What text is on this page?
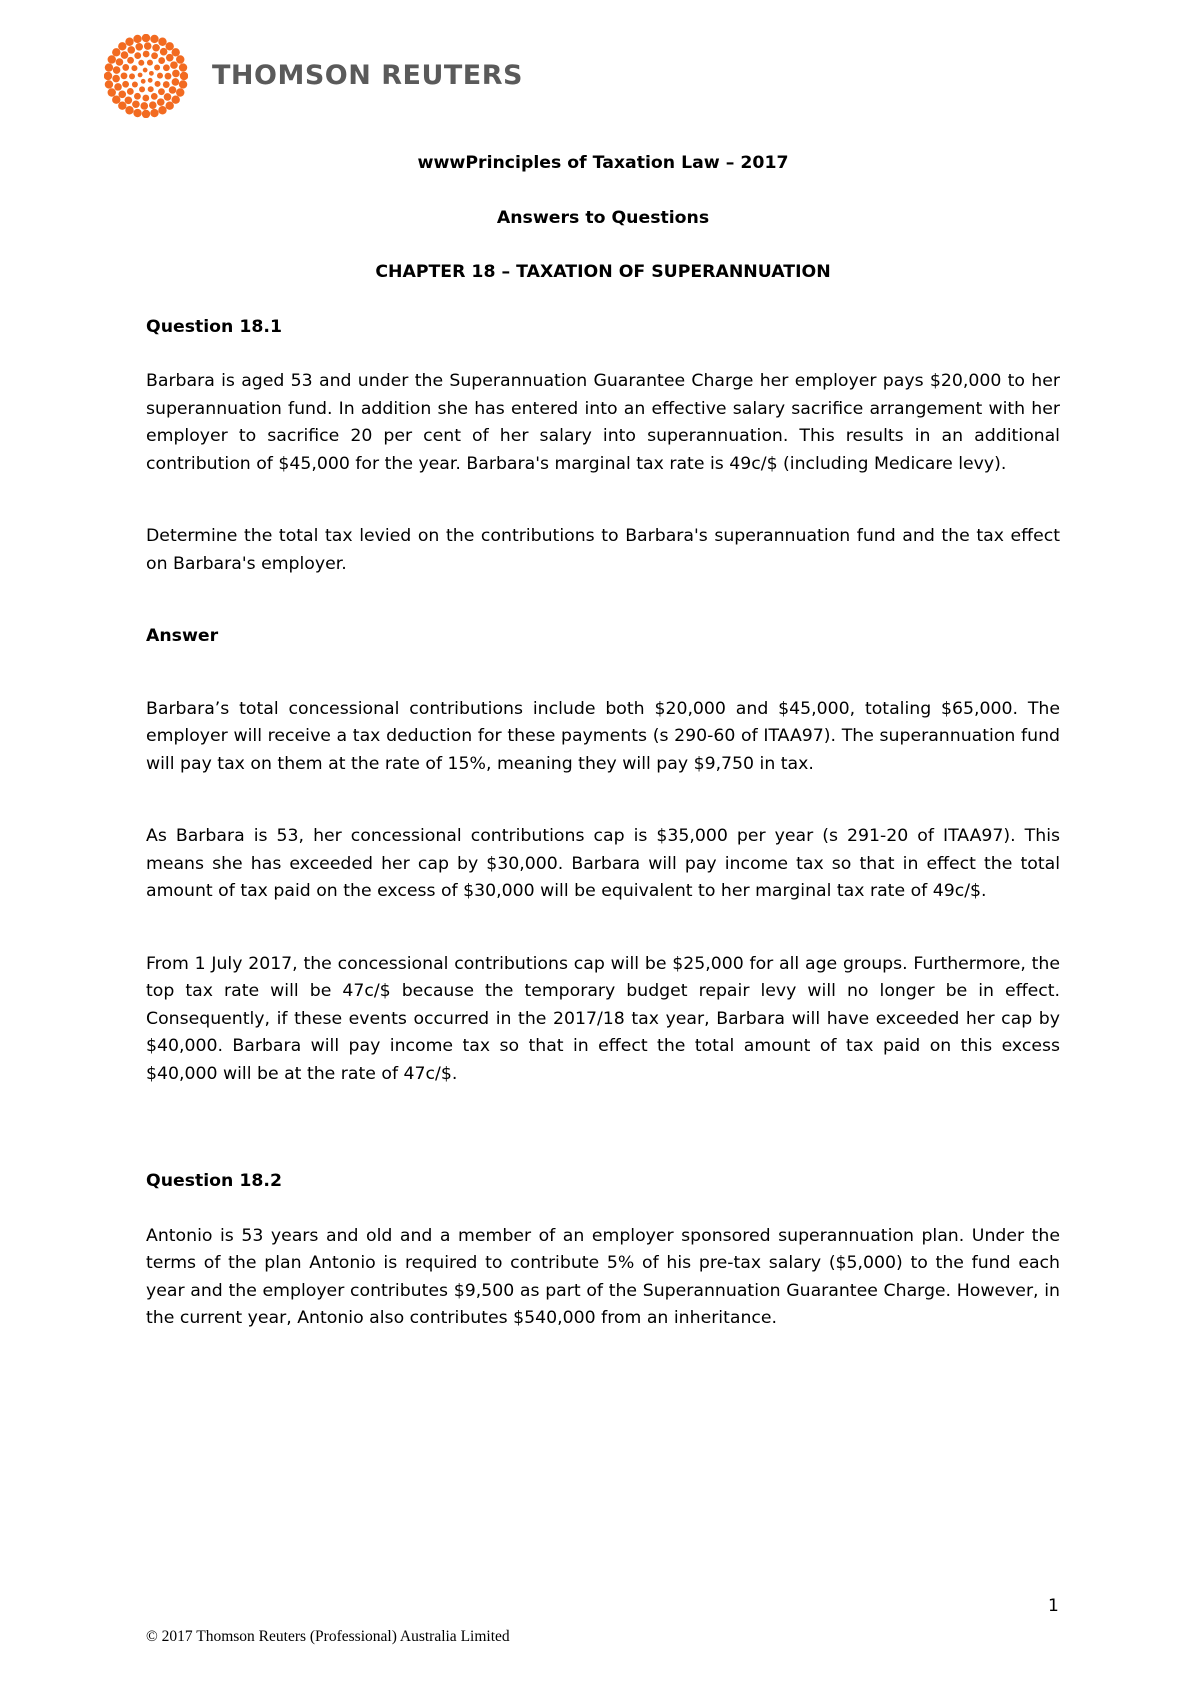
THOMSON REUTERS
wwwPrinciples of Taxation Law – 2017
Answers to Questions
CHAPTER 18 – TAXATION OF SUPERANNUATION
Question 18.1

Barbara is aged 53 and under the Superannuation Guarantee Charge her employer pays $20,000 to her superannuation fund. In addition she has entered into an effective salary sacrifice arrangement with her employer to sacrifice 20 per cent of her salary into superannuation. This results in an additional contribution of $45,000 for the year. Barbara's marginal tax rate is 49c/$ (including Medicare levy).

Determine the total tax levied on the contributions to Barbara's superannuation fund and the tax effect on Barbara's employer.

Answer

Barbara’s total concessional contributions include both $20,000 and $45,000, totaling $65,000. The employer will receive a tax deduction for these payments (s 290-60 of ITAA97). The superannuation fund will pay tax on them at the rate of 15%, meaning they will pay $9,750 in tax.

As Barbara is 53, her concessional contributions cap is $35,000 per year (s 291-20 of ITAA97). This means she has exceeded her cap by $30,000. Barbara will pay income tax so that in effect the total amount of tax paid on the excess of $30,000 will be equivalent to her marginal tax rate of 49c/$.

From 1 July 2017, the concessional contributions cap will be $25,000 for all age groups. Furthermore, the top tax rate will be 47c/$ because the temporary budget repair levy will no longer be in effect. Consequently, if these events occurred in the 2017/18 tax year, Barbara will have exceeded her cap by $40,000. Barbara will pay income tax so that in effect the total amount of tax paid on this excess $40,000 will be at the rate of 47c/$.

Question 18.2

Antonio is 53 years and old and a member of an employer sponsored superannuation plan. Under the terms of the plan Antonio is required to contribute 5% of his pre-tax salary ($5,000) to the fund each year and the employer contributes $9,500 as part of the Superannuation Guarantee Charge. However, in the current year, Antonio also contributes $540,000 from an inheritance.

1
© 2017 Thomson Reuters (Professional) Australia Limited
